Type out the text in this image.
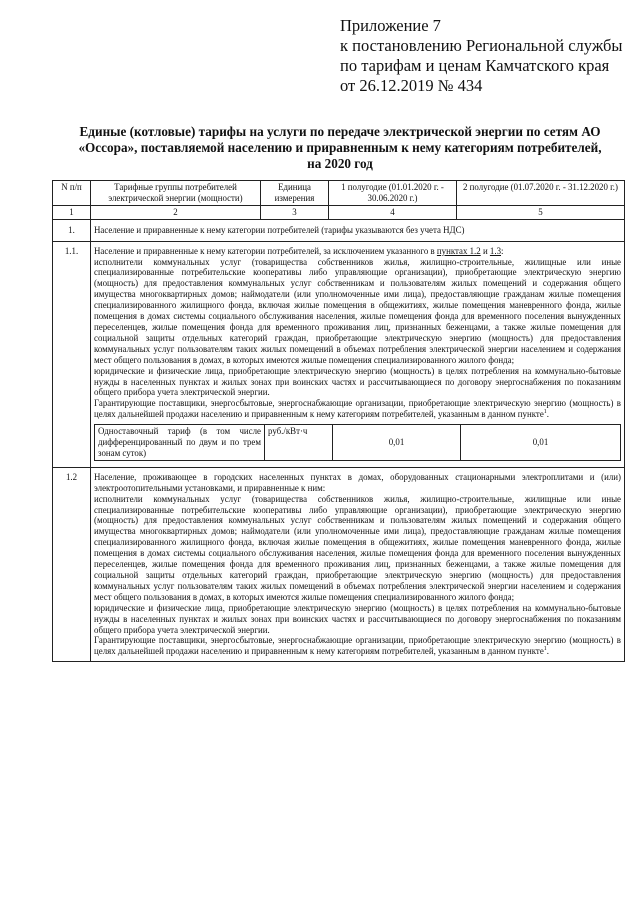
Приложение 7
к постановлению Региональной службы
по тарифам и ценам Камчатского края
от 26.12.2019 № 434
Единые (котловые) тарифы на услуги по передаче электрической энергии по сетям АО
«Оссора», поставляемой населению и приравненным к нему категориям потребителей,
на 2020 год
N п/п	Тарифные группы потребителей электрической энергии (мощности)	Единица измерения	1 полугодие (01.01.2020 г. - 30.06.2020 г.)	2 полугодие (01.07.2020 г. - 31.12.2020 г.)
1	2	3	4	5
1.	Население и приравненные к нему категории потребителей (тарифы указываются без учета НДС)
1.1.	Население и приравненные к нему категории потребителей, за исключением указанного в пунктах 1.2 и 1.3:

исполнители коммунальных услуг (товарищества собственников жилья, жилищно-строительные, жилищные или иные специализированные потребительские кооперативы либо управляющие организации), приобретающие электрическую энергию (мощность) для предоставления коммунальных услуг собственникам и пользователям жилых помещений и содержания общего имущества многоквартирных домов; наймодатели (или уполномоченные ими лица), предоставляющие гражданам жилые помещения специализированного жилищного фонда, включая жилые помещения в общежитиях, жилые помещения маневренного фонда, жилые помещения в домах системы социального обслуживания населения, жилые помещения фонда для временного поселения вынужденных переселенцев, жилые помещения фонда для временного проживания лиц, признанных беженцами, а также жилые помещения для социальной защиты отдельных категорий граждан, приобретающие электрическую энергию (мощность) для предоставления коммунальных услуг пользователям таких жилых помещений в объемах потребления электрической энергии населением и содержания мест общего пользования в домах, в которых имеются жилые помещения специализированного жилого фонда;

юридические и физические лица, приобретающие электрическую энергию (мощность) в целях потребления на коммунально-бытовые нужды в населенных пунктах и жилых зонах при воинских частях и рассчитывающиеся по договору энергоснабжения по показаниям общего прибора учета электрической энергии.

Гарантирующие поставщики, энергосбытовые, энергоснабжающие организации, приобретающие электрическую энергию (мощность) в целях дальнейшей продажи населению и приравненным к нему категориям потребителей, указанным в данном пункте$^1$.

Одноставочный тариф (в том числе дифференцированный по двум и по трем зонам суток)	руб./кВт·ч	0,01	0,01

1.2	Население, проживающее в городских населенных пунктах в домах, оборудованных стационарными электроплитами и (или) электроотопительными установками, и приравненные к ним:

исполнители коммунальных услуг (товарищества собственников жилья, жилищно-строительные, жилищные или иные специализированные потребительские кооперативы либо управляющие организации), приобретающие электрическую энергию (мощность) для предоставления коммунальных услуг собственникам и пользователям жилых помещений и содержания общего имущества многоквартирных домов; наймодатели (или уполномоченные ими лица), предоставляющие гражданам жилые помещения специализированного жилищного фонда, включая жилые помещения в общежитиях, жилые помещения маневренного фонда, жилые помещения в домах системы социального обслуживания населения, жилые помещения фонда для временного поселения вынужденных переселенцев, жилые помещения фонда для временного проживания лиц, признанных беженцами, а также жилые помещения для социальной защиты отдельных категорий граждан, приобретающие электрическую энергию (мощность) для предоставления коммунальных услуг пользователям таких жилых помещений в объемах потребления электрической энергии населением и содержания мест общего пользования в домах, в которых имеются жилые помещения специализированного жилого фонда;

юридические и физические лица, приобретающие электрическую энергию (мощность) в целях потребления на коммунально-бытовые нужды в населенных пунктах и жилых зонах при воинских частях и рассчитывающиеся по договору энергоснабжения по показаниям общего прибора учета электрической энергии.

Гарантирующие поставщики, энергосбытовые, энергоснабжающие организации, приобретающие электрическую энергию (мощность) в целях дальнейшей продажи населению и приравненным к нему категориям потребителей, указанным в данном пункте$^1$.
